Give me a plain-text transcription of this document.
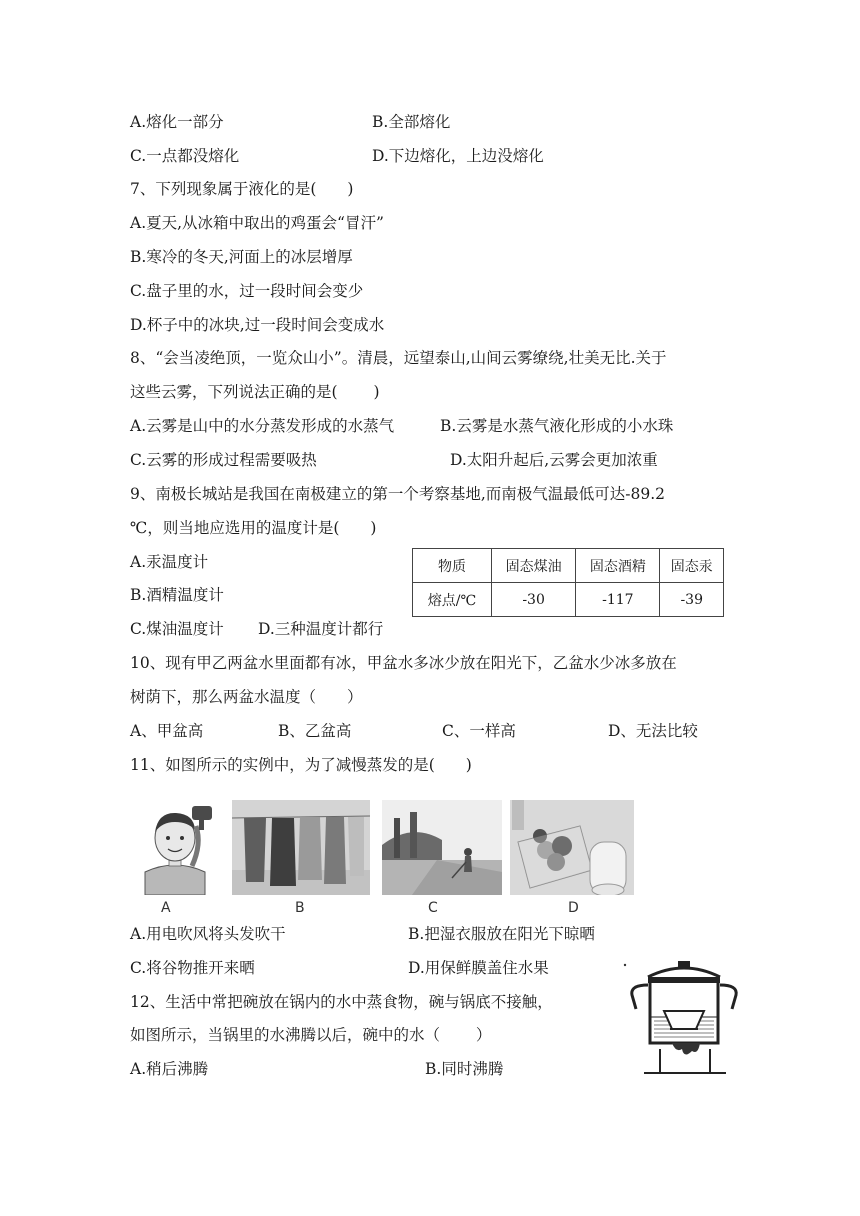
A.熔化一部分	B.全部熔化
C.一点都没熔化	D.下边熔化，上边没熔化
7、下列现象属于液化的是(　　)
A.夏天,从冰箱中取出的鸡蛋会“冒汗”
B.寒冷的冬天,河面上的冰层增厚
C.盘子里的水，过一段时间会变少
D.杯子中的冰块,过一段时间会变成水
8、“会当凌绝顶，一览众山小”。清晨，远望泰山,山间云雾缭绕,壮美无比.关于
这些云雾，下列说法正确的是(　　 )
A.云雾是山中的水分蒸发形成的水蒸气	B.云雾是水蒸气液化形成的小水珠
C.云雾的形成过程需要吸热	D.太阳升起后,云雾会更加浓重
9、南极长城站是我国在南极建立的第一个考察基地,而南极气温最低可达-89.2
℃，则当地应选用的温度计是(　　)
A.汞温度计
B.酒精温度计
C.煤油温度计 D.三种温度计都行
物质	固态煤油	固态酒精	固态汞
熔点/℃	-30	-117	-39
10、现有甲乙两盆水里面都有冰，甲盆水多冰少放在阳光下，乙盆水少冰多放在
树荫下，那么两盆水温度（　　）
A、甲盆高	B、乙盆高	C、一样高	D、无法比较
11、如图所示的实例中，为了减慢蒸发的是(　　)
A	B	C	D
A.用电吹风将头发吹干	B.把湿衣服放在阳光下晾晒
C.将谷物推开来晒	D.用保鲜膜盖住水果
12、生活中常把碗放在锅内的水中蒸食物，碗与锅底不接触，
如图所示，当锅里的水沸腾以后，碗中的水（　　 ）
A.稍后沸腾	B.同时沸腾
